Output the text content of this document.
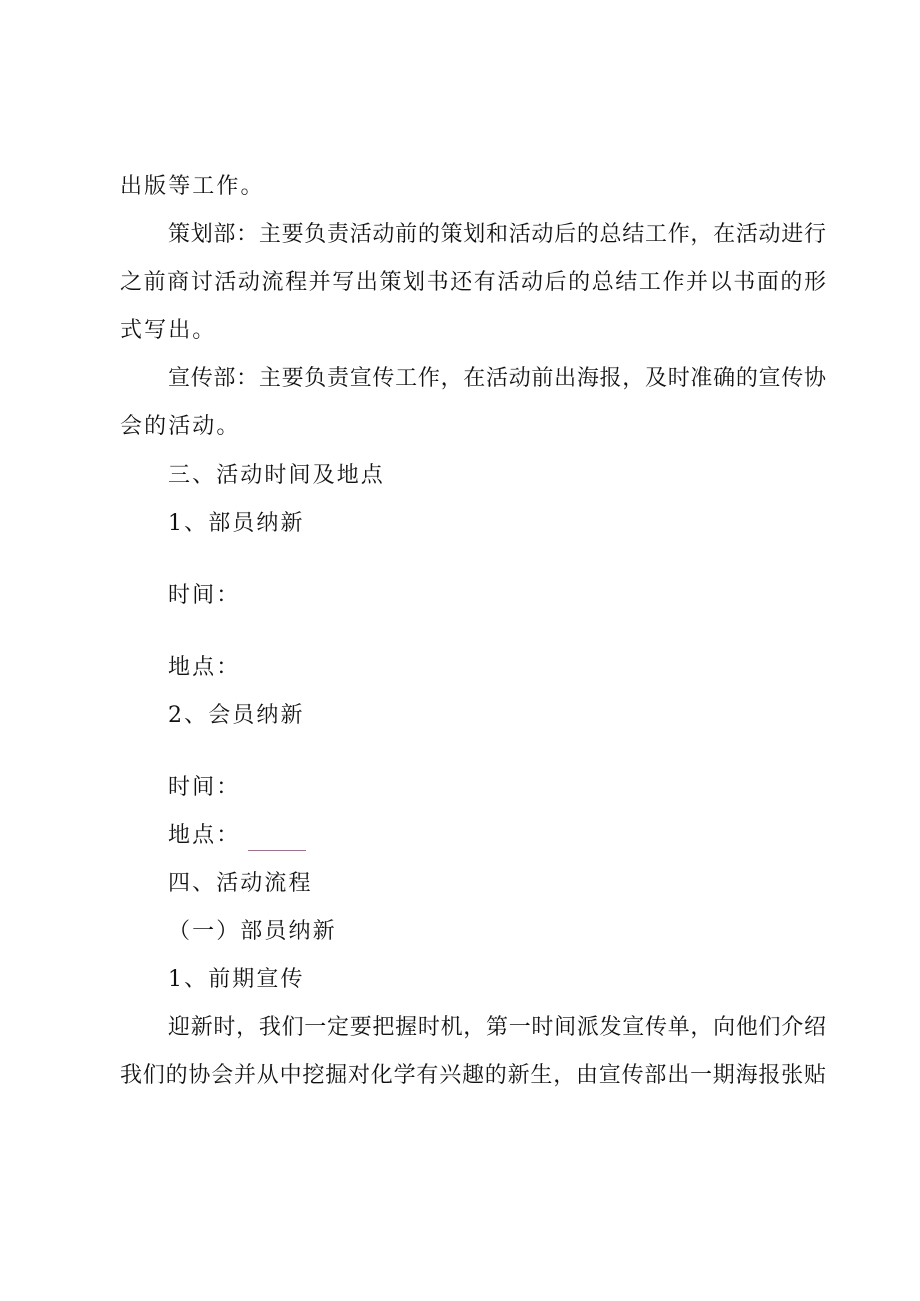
出版等工作。
策划部：主要负责活动前的策划和活动后的总结工作，在活动进行
之前商讨活动流程并写出策划书还有活动后的总结工作并以书面的形
式写出。
宣传部：主要负责宣传工作，在活动前出海报，及时准确的宣传协
会的活动。
三、活动时间及地点
1、部员纳新
时间：
地点：
2、会员纳新
时间：
地点：
四、活动流程
（一）部员纳新
1、前期宣传
迎新时，我们一定要把握时机，第一时间派发宣传单，向他们介绍
我们的协会并从中挖掘对化学有兴趣的新生，由宣传部出一期海报张贴
